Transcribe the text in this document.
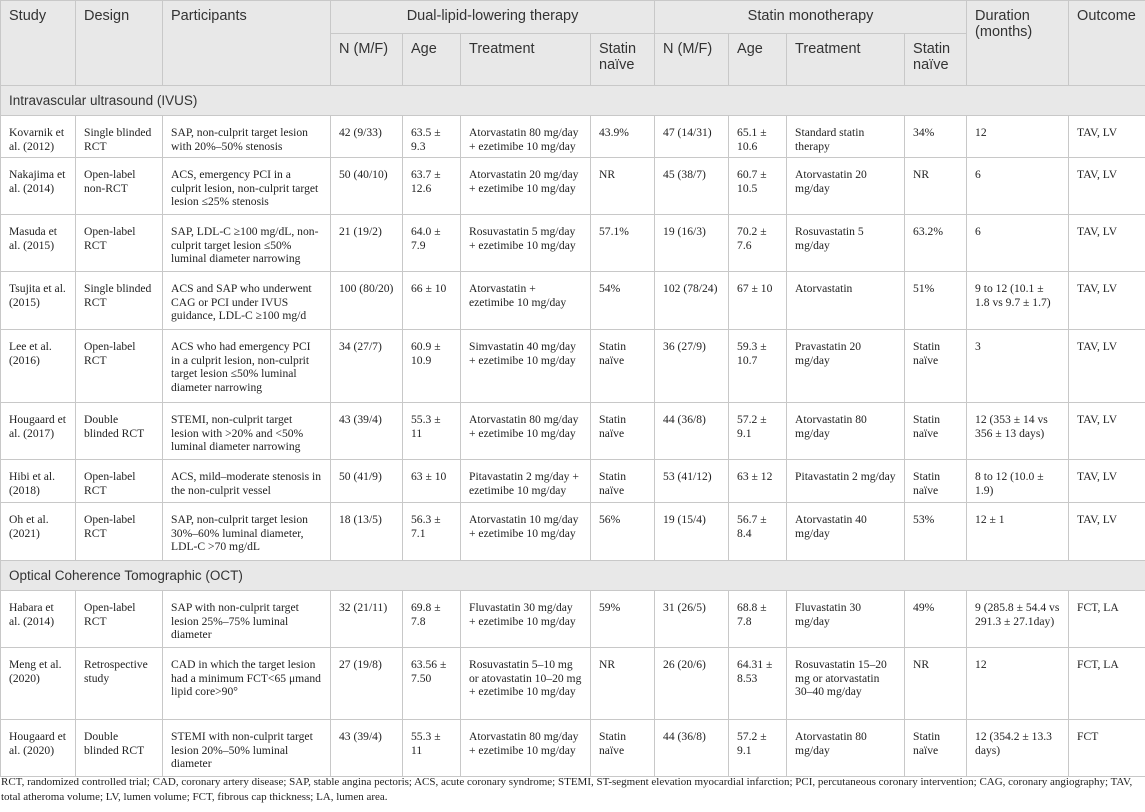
Study	Design	Participants	Dual-lipid-lowering therapy				Statin monotherapy				Duration (months)	Outcome
			N (M/F)	Age	Treatment	Statin naïve	N (M/F)	Age	Treatment	Statin naïve		
Intravascular ultrasound (IVUS)												
Kovarnik et al. (2012)	Single blinded RCT	SAP, non-culprit target lesion with 20%–50% stenosis	42 (9/33)	63.5 ± 9.3	Atorvastatin 80 mg/day + ezetimibe 10 mg/day	43.9%	47 (14/31)	65.1 ± 10.6	Standard statin therapy	34%	12	TAV, LV
Nakajima et al. (2014)	Open-label non-RCT	ACS, emergency PCI in a culprit lesion, non-culprit target lesion ≤25% stenosis	50 (40/10)	63.7 ± 12.6	Atorvastatin 20 mg/day + ezetimibe 10 mg/day	NR	45 (38/7)	60.7 ± 10.5	Atorvastatin 20 mg/day	NR	6	TAV, LV
Masuda et al. (2015)	Open-label RCT	SAP, LDL-C ≥100 mg/dL, non-culprit target lesion ≤50% luminal diameter narrowing	21 (19/2)	64.0 ± 7.9	Rosuvastatin 5 mg/day + ezetimibe 10 mg/day	57.1%	19 (16/3)	70.2 ± 7.6	Rosuvastatin 5 mg/day	63.2%	6	TAV, LV
Tsujita et al. (2015)	Single blinded RCT	ACS and SAP who underwent CAG or PCI under IVUS guidance, LDL-C ≥100 mg/d	100 (80/20)	66 ± 10	Atorvastatin + ezetimibe 10 mg/day	54%	102 (78/24)	67 ± 10	Atorvastatin	51%	9 to 12 (10.1 ± 1.8 vs 9.7 ± 1.7)	TAV, LV
Lee et al. (2016)	Open-label RCT	ACS who had emergency PCI in a culprit lesion, non-culprit target lesion ≤50% luminal diameter narrowing	34 (27/7)	60.9 ± 10.9	Simvastatin 40 mg/day + ezetimibe 10 mg/day	Statin naïve	36 (27/9)	59.3 ± 10.7	Pravastatin 20 mg/day	Statin naïve	3	TAV, LV
Hougaard et al. (2017)	Double blinded RCT	STEMI, non-culprit target lesion with >20% and <50% luminal diameter narrowing	43 (39/4)	55.3 ± 11	Atorvastatin 80 mg/day + ezetimibe 10 mg/day	Statin naïve	44 (36/8)	57.2 ± 9.1	Atorvastatin 80 mg/day	Statin naïve	12 (353 ± 14 vs 356 ± 13 days)	TAV, LV
Hibi et al. (2018)	Open-label RCT	ACS, mild–moderate stenosis in the non-culprit vessel	50 (41/9)	63 ± 10	Pitavastatin 2 mg/day + ezetimibe 10 mg/day	Statin naïve	53 (41/12)	63 ± 12	Pitavastatin 2 mg/day	Statin naïve	8 to 12 (10.0 ± 1.9)	TAV, LV
Oh et al. (2021)	Open-label RCT	SAP, non-culprit target lesion 30%–60% luminal diameter, LDL-C >70 mg/dL	18 (13/5)	56.3 ± 7.1	Atorvastatin 10 mg/day + ezetimibe 10 mg/day	56%	19 (15/4)	56.7 ± 8.4	Atorvastatin 40 mg/day	53%	12 ± 1	TAV, LV
Optical Coherence Tomographic (OCT)												
Habara et al. (2014)	Open-label RCT	SAP with non-culprit target lesion 25%–75% luminal diameter	32 (21/11)	69.8 ± 7.8	Fluvastatin 30 mg/day + ezetimibe 10 mg/day	59%	31 (26/5)	68.8 ± 7.8	Fluvastatin 30 mg/day	49%	9 (285.8 ± 54.4 vs 291.3 ± 27.1day)	FCT, LA
Meng et al. (2020)	Retrospective study	CAD in which the target lesion had a minimum FCT<65 μmand lipid core>90°	27 (19/8)	63.56 ± 7.50	Rosuvastatin 5–10 mg or atovastatin 10–20 mg + ezetimibe 10 mg/day	NR	26 (20/6)	64.31 ± 8.53	Rosuvastatin 15–20 mg or atorvastatin 30–40 mg/day	NR	12	FCT, LA
Hougaard et al. (2020)	Double blinded RCT	STEMI with non-culprit target lesion 20%–50% luminal diameter	43 (39/4)	55.3 ± 11	Atorvastatin 80 mg/day + ezetimibe 10 mg/day	Statin naïve	44 (36/8)	57.2 ± 9.1	Atorvastatin 80 mg/day	Statin naïve	12 (354.2 ± 13.3 days)	FCT
RCT, randomized controlled trial; CAD, coronary artery disease; SAP, stable angina pectoris; ACS, acute coronary syndrome; STEMI, ST-segment elevation myocardial infarction; PCI, percutaneous coronary intervention; CAG, coronary angiography; TAV, total atheroma volume; LV, lumen volume; FCT, fibrous cap thickness; LA, lumen area.
